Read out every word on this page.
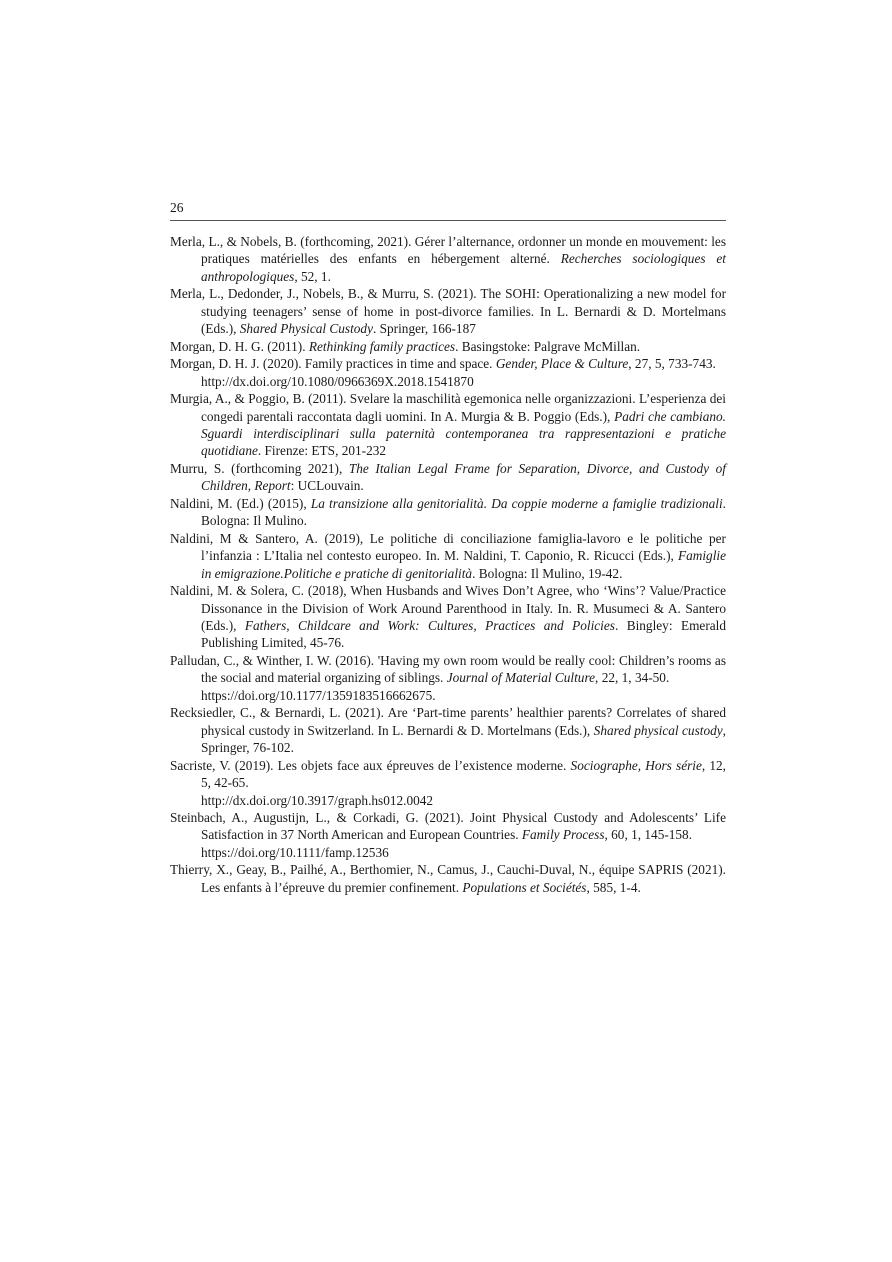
26

Merla, L., & Nobels, B. (forthcoming, 2021). Gérer l’alternance, ordonner un monde en mouvement: les pratiques matérielles des enfants en hébergement alterné. Recherches sociologiques et anthropologiques, 52, 1.

Merla, L., Dedonder, J., Nobels, B., & Murru, S. (2021). The SOHI: Operationalizing a new model for studying teenagers’ sense of home in post-divorce families. In L. Bernardi & D. Mortelmans (Eds.), Shared Physical Custody. Springer, 166-187

Morgan, D. H. G. (2011). Rethinking family practices. Basingstoke: Palgrave McMillan.

Morgan, D. H. J. (2020). Family practices in time and space. Gender, Place & Culture, 27, 5, 733-743.
http://dx.doi.org/10.1080/0966369X.2018.1541870

Murgia, A., & Poggio, B. (2011). Svelare la maschilità egemonica nelle organizzazioni. L’esperienza dei congedi parentali raccontata dagli uomini. In A. Murgia & B. Poggio (Eds.), Padri che cambiano. Sguardi interdisciplinari sulla paternità contemporanea tra rappresentazioni e pratiche quotidiane. Firenze: ETS, 201-232

Murru, S. (forthcoming 2021), The Italian Legal Frame for Separation, Divorce, and Custody of Children, Report: UCLouvain.

Naldini, M. (Ed.) (2015), La transizione alla genitorialità. Da coppie moderne a famiglie tradizionali. Bologna: Il Mulino.

Naldini, M & Santero, A. (2019), Le politiche di conciliazione famiglia-lavoro e le politiche per l’infanzia : L’Italia nel contesto europeo. In. M. Naldini, T. Caponio, R. Ricucci (Eds.), Famiglie in emigrazione.Politiche e pratiche di genitorialità. Bologna: Il Mulino, 19-42.

Naldini, M. & Solera, C. (2018), When Husbands and Wives Don’t Agree, who ‘Wins’? Value/Practice Dissonance in the Division of Work Around Parenthood in Italy. In. R. Musumeci & A. Santero (Eds.), Fathers, Childcare and Work: Cultures, Practices and Policies. Bingley: Emerald Publishing Limited, 45-76.

Palludan, C., & Winther, I. W. (2016). 'Having my own room would be really cool: Children’s rooms as the social and material organizing of siblings. Journal of Material Culture, 22, 1, 34-50.
https://doi.org/10.1177/1359183516662675.

Recksiedler, C., & Bernardi, L. (2021). Are ‘Part-time parents’ healthier parents? Correlates of shared physical custody in Switzerland. In L. Bernardi & D. Mortelmans (Eds.), Shared physical custody, Springer, 76-102.

Sacriste, V. (2019). Les objets face aux épreuves de l’existence moderne. Sociographe, Hors série, 12, 5, 42-65.
http://dx.doi.org/10.3917/graph.hs012.0042

Steinbach, A., Augustijn, L., & Corkadi, G. (2021). Joint Physical Custody and Adolescents’ Life Satisfaction in 37 North American and European Countries. Family Process, 60, 1, 145-158.
https://doi.org/10.1111/famp.12536

Thierry, X., Geay, B., Pailhé, A., Berthomier, N., Camus, J., Cauchi-Duval, N., équipe SAPRIS (2021). Les enfants à l’épreuve du premier confinement. Populations et Sociétés, 585, 1-4.
